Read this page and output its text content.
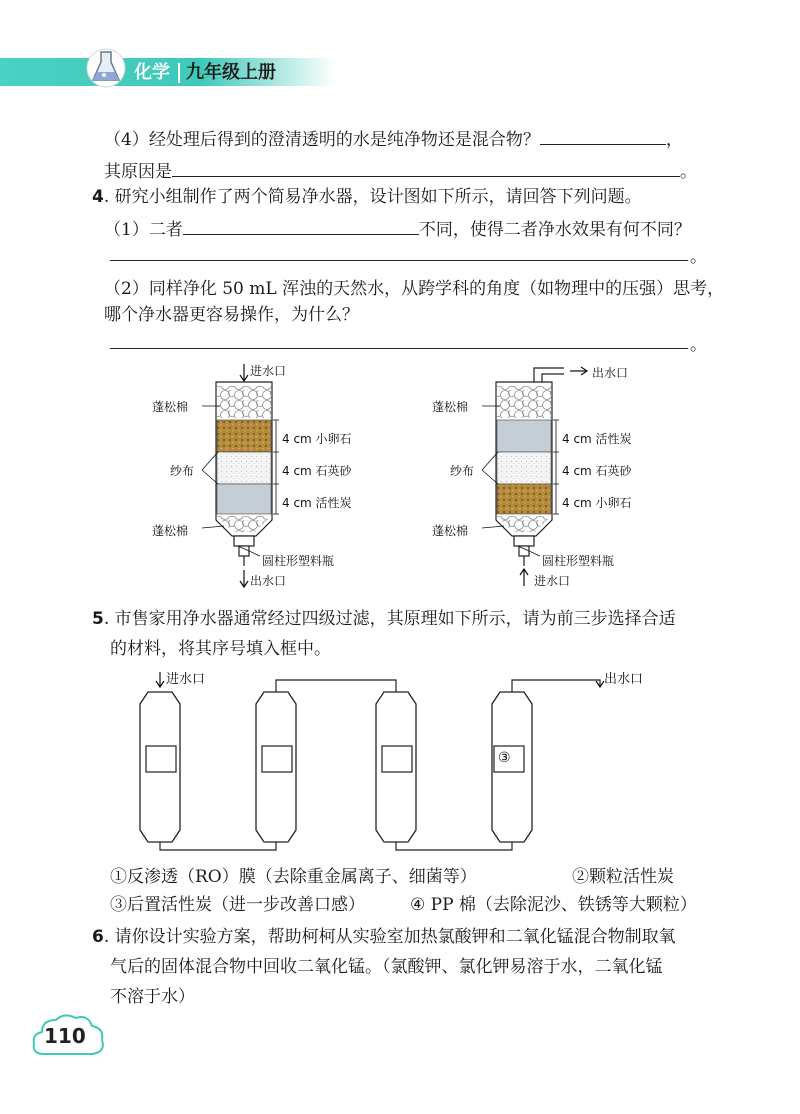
化学 九年级上册
（4）经处理后得到的澄清透明的水是纯净物还是混合物？	，
其原因是	。
4. 研究小组制作了两个简易净水器，设计图如下所示，请回答下列问题。
（1）二者	不同，使得二者净水效果有何不同？
。
（2）同样净化 50 mL 浑浊的天然水，从跨学科的角度（如物理中的压强）思考，
哪个净水器更容易操作，为什么？
。
进水口
蓬松棉
纱布
蓬松棉
4 cm 小卵石
4 cm 石英砂
4 cm 活性炭
圆柱形塑料瓶
出水口
出水口
蓬松棉
纱布
蓬松棉
4 cm 活性炭
4 cm 石英砂
4 cm 小卵石
圆柱形塑料瓶
进水口
5. 市售家用净水器通常经过四级过滤，其原理如下所示，请为前三步选择合适
的材料，将其序号填入框中。
进水口	出水口
③
①反渗透（RO）膜（去除重金属离子、细菌等）	②颗粒活性炭
③后置活性炭（进一步改善口感）	④ PP 棉（去除泥沙、铁锈等大颗粒）
6. 请你设计实验方案，帮助柯柯从实验室加热氯酸钾和二氧化锰混合物制取氧
气后的固体混合物中回收二氧化锰。（氯酸钾、氯化钾易溶于水，二氧化锰
不溶于水）
110
